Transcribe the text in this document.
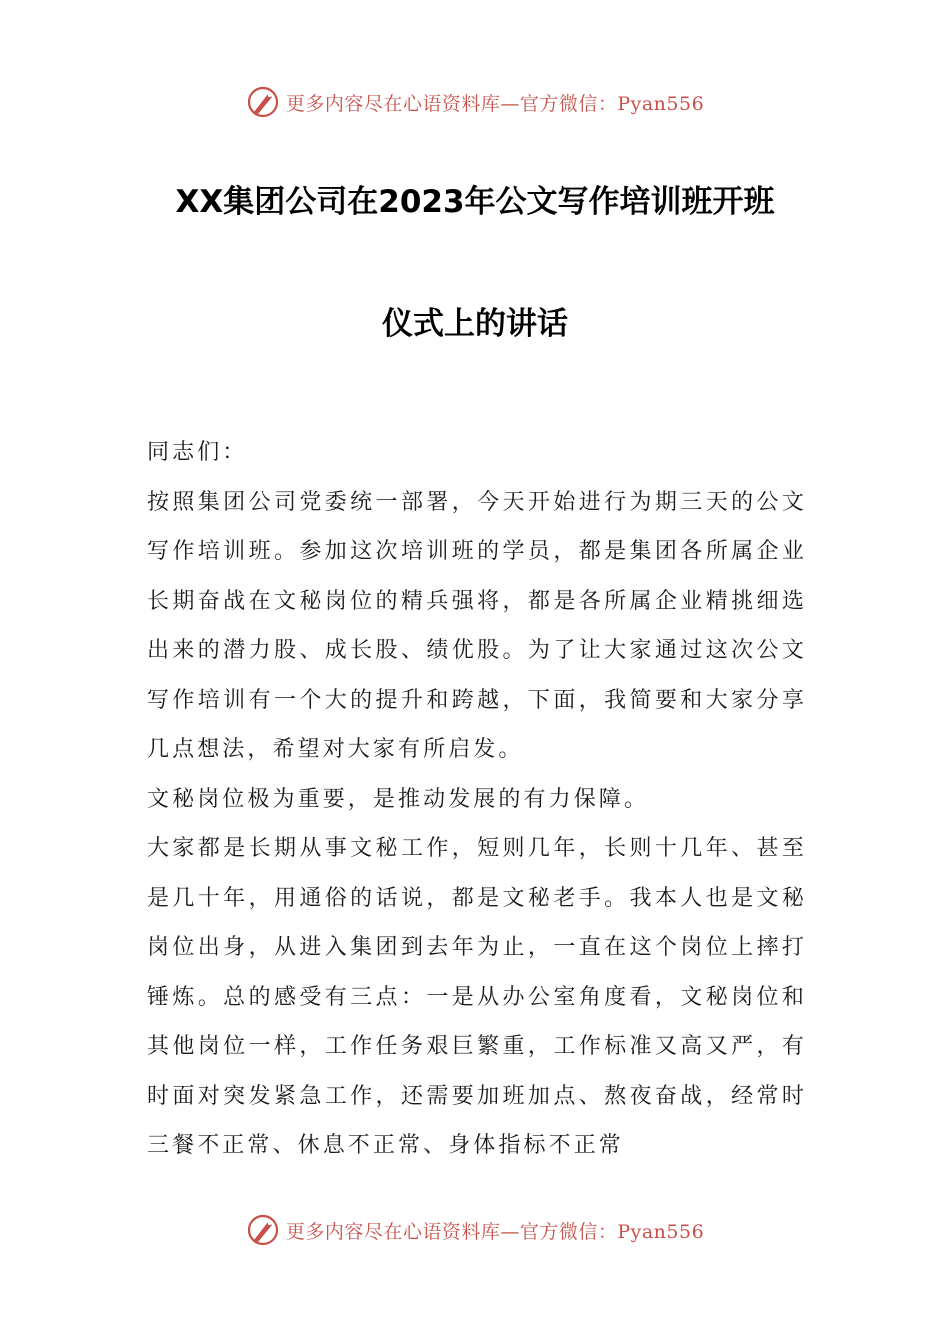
更多内容尽在心语资料库—官方微信：Pyan556
XX集团公司在2023年公文写作培训班开班
仪式上的讲话

同志们：

按照集团公司党委统一部署，今天开始进行为期三天的公文写作培训班。参加这次培训班的学员，都是集团各所属企业长期奋战在文秘岗位的精兵强将，都是各所属企业精挑细选出来的潜力股、成长股、绩优股。为了让大家通过这次公文写作培训有一个大的提升和跨越，下面，我简要和大家分享几点想法，希望对大家有所启发。

文秘岗位极为重要，是推动发展的有力保障。

大家都是长期从事文秘工作，短则几年，长则十几年、甚至是几十年，用通俗的话说，都是文秘老手。我本人也是文秘岗位出身，从进入集团到去年为止，一直在这个岗位上摔打锤炼。总的感受有三点：一是从办公室角度看，文秘岗位和其他岗位一样，工作任务艰巨繁重，工作标准又高又严，有时面对突发紧急工作，还需要加班加点、熬夜奋战，经常时三餐不正常、休息不正常、身体指标不正常

更多内容尽在心语资料库—官方微信：Pyan556
